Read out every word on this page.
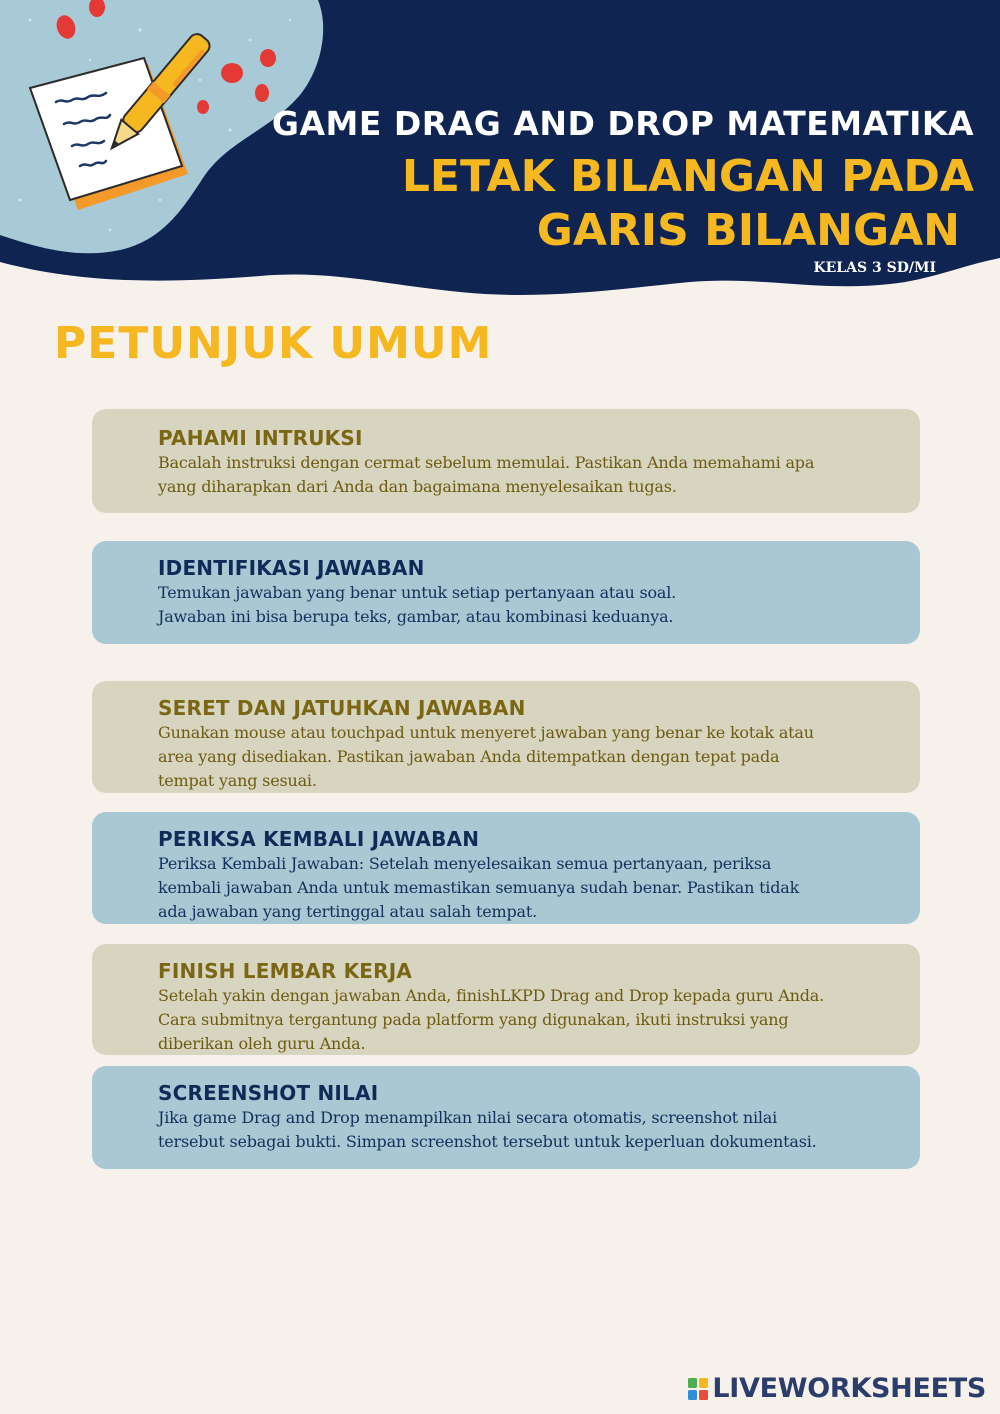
GAME DRAG AND DROP MATEMATIKA
LETAK BILANGAN PADA
GARIS BILANGAN
KELAS 3 SD/MI
PETUNJUK UMUM
PAHAMI INTRUKSI
Bacalah instruksi dengan cermat sebelum memulai. Pastikan Anda memahami apa
yang diharapkan dari Anda dan bagaimana menyelesaikan tugas.
IDENTIFIKASI JAWABAN
Temukan jawaban yang benar untuk setiap pertanyaan atau soal.
Jawaban ini bisa berupa teks, gambar, atau kombinasi keduanya.
SERET DAN JATUHKAN JAWABAN
Gunakan mouse atau touchpad untuk menyeret jawaban yang benar ke kotak atau
area yang disediakan. Pastikan jawaban Anda ditempatkan dengan tepat pada
tempat yang sesuai.
PERIKSA KEMBALI JAWABAN
Periksa Kembali Jawaban: Setelah menyelesaikan semua pertanyaan, periksa
kembali jawaban Anda untuk memastikan semuanya sudah benar. Pastikan tidak
ada jawaban yang tertinggal atau salah tempat.
FINISH LEMBAR KERJA
Setelah yakin dengan jawaban Anda, finishLKPD Drag and Drop kepada guru Anda.
Cara submitnya tergantung pada platform yang digunakan, ikuti instruksi yang
diberikan oleh guru Anda.
SCREENSHOT NILAI
Jika game Drag and Drop menampilkan nilai secara otomatis, screenshot nilai
tersebut sebagai bukti. Simpan screenshot tersebut untuk keperluan dokumentasi.
LIVEWORKSHEETS
